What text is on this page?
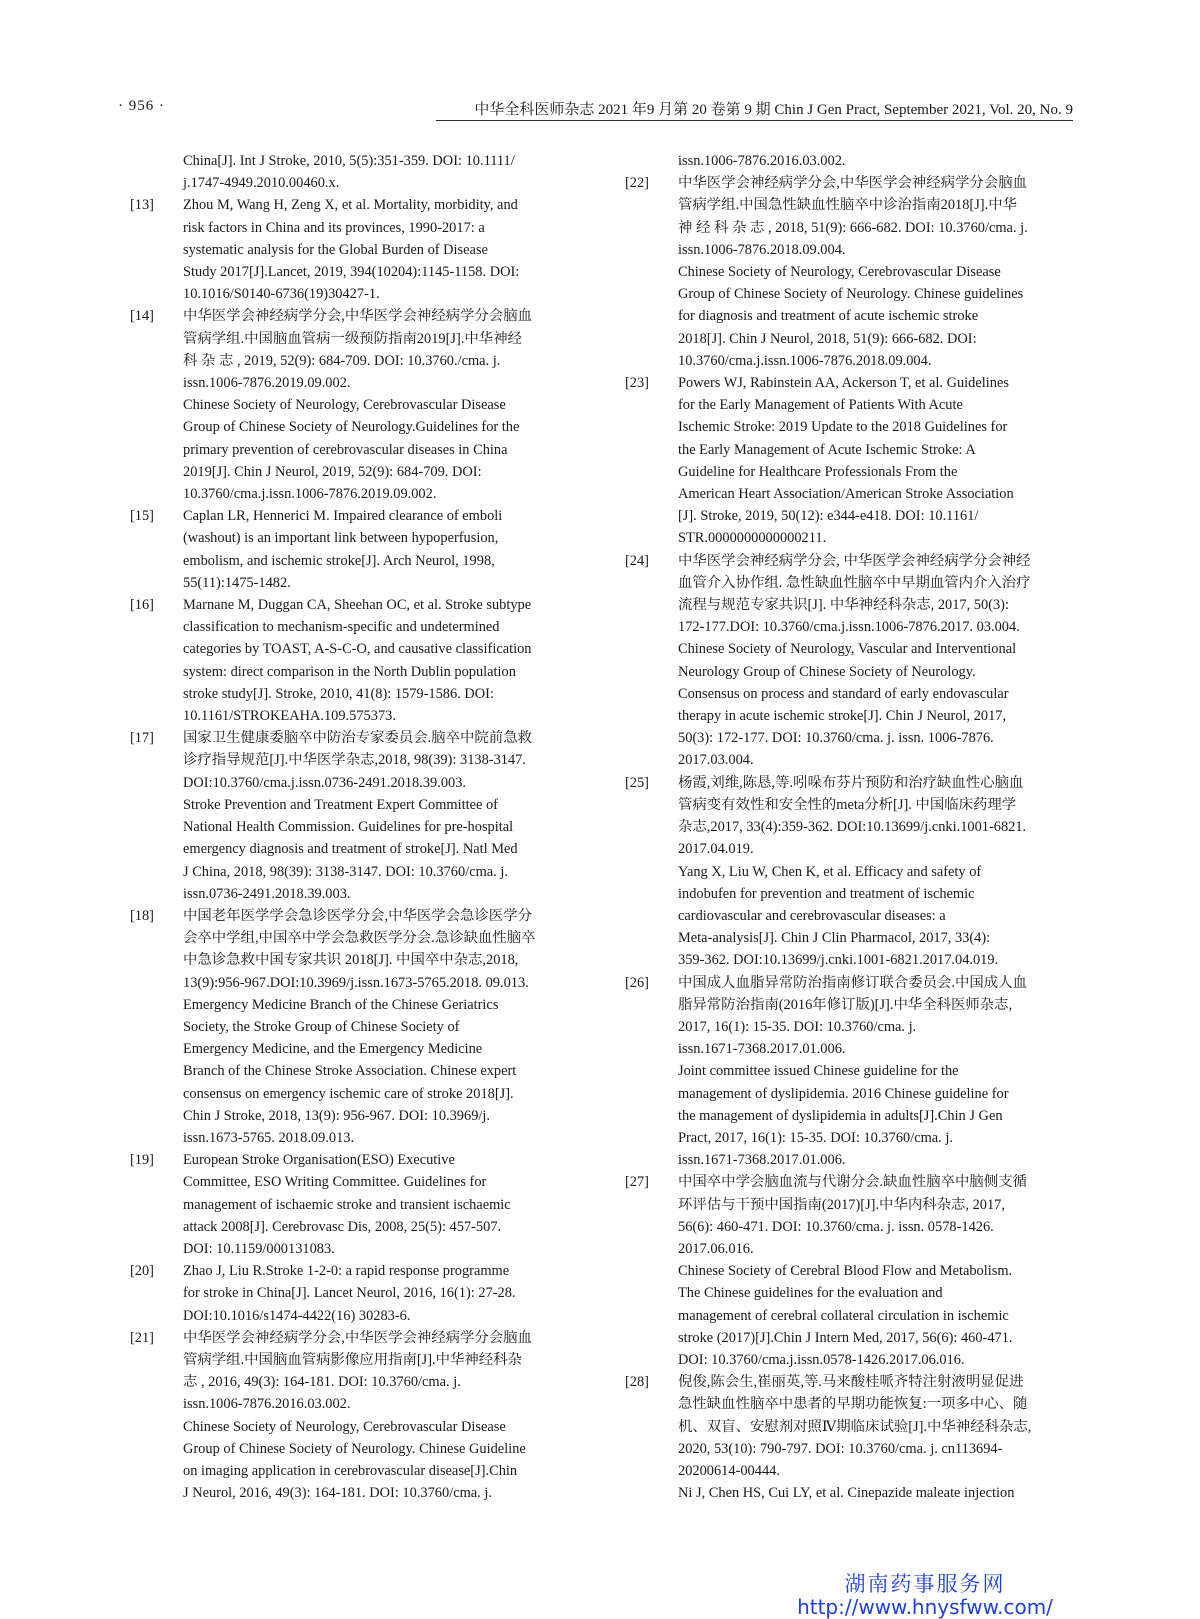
· 956 ·	中华全科医师杂志 2021 年9 月第 20 卷第 9 期 Chin J Gen Pract, September 2021, Vol. 20, No. 9
China[J]. Int J Stroke, 2010, 5(5):351-359. DOI: 10.1111/
j.1747-4949.2010.00460.x.
[13] Zhou M, Wang H, Zeng X, et al. Mortality, morbidity, and
risk factors in China and its provinces, 1990-2017: a
systematic analysis for the Global Burden of Disease
Study 2017[J].Lancet, 2019, 394(10204):1145-1158. DOI:
10.1016/S0140-6736(19)30427-1.
[14] 中华医学会神经病学分会,中华医学会神经病学分会脑血
管病学组.中国脑血管病一级预防指南2019[J].中华神经
科 杂 志 , 2019, 52(9): 684-709. DOI: 10.3760./cma. j.
issn.1006-7876.2019.09.002.
Chinese Society of Neurology, Cerebrovascular Disease
Group of Chinese Society of Neurology.Guidelines for the
primary prevention of cerebrovascular diseases in China
2019[J]. Chin J Neurol, 2019, 52(9): 684-709. DOI:
10.3760/cma.j.issn.1006-7876.2019.09.002.
[15] Caplan LR, Hennerici M. Impaired clearance of emboli
(washout) is an important link between hypoperfusion,
embolism, and ischemic stroke[J]. Arch Neurol, 1998,
55(11):1475-1482.
[16] Marnane M, Duggan CA, Sheehan OC, et al. Stroke subtype
classification to mechanism-specific and undetermined
categories by TOAST, A-S-C-O, and causative classification
system: direct comparison in the North Dublin population
stroke study[J]. Stroke, 2010, 41(8): 1579-1586. DOI:
10.1161/STROKEAHA.109.575373.
[17] 国家卫生健康委脑卒中防治专家委员会.脑卒中院前急救
诊疗指导规范[J].中华医学杂志,2018, 98(39): 3138-3147.
DOI:10.3760/cma.j.issn.0736-2491.2018.39.003.
Stroke Prevention and Treatment Expert Committee of
National Health Commission. Guidelines for pre-hospital
emergency diagnosis and treatment of stroke[J]. Natl Med
J China, 2018, 98(39): 3138-3147. DOI: 10.3760/cma. j.
issn.0736-2491.2018.39.003.
[18] 中国老年医学学会急诊医学分会,中华医学会急诊医学分
会卒中学组,中国卒中学会急救医学分会.急诊缺血性脑卒
中急诊急救中国专家共识 2018[J]. 中国卒中杂志,2018,
13(9):956-967.DOI:10.3969/j.issn.1673-5765.2018. 09.013.
Emergency Medicine Branch of the Chinese Geriatrics
Society, the Stroke Group of Chinese Society of
Emergency Medicine, and the Emergency Medicine
Branch of the Chinese Stroke Association. Chinese expert
consensus on emergency ischemic care of stroke 2018[J].
Chin J Stroke, 2018, 13(9): 956-967. DOI: 10.3969/j.
issn.1673-5765. 2018.09.013.
[19] European Stroke Organisation(ESO) Executive
Committee, ESO Writing Committee. Guidelines for
management of ischaemic stroke and transient ischaemic
attack 2008[J]. Cerebrovasc Dis, 2008, 25(5): 457-507.
DOI: 10.1159/000131083.
[20] Zhao J, Liu R.Stroke 1-2-0: a rapid response programme
for stroke in China[J]. Lancet Neurol, 2016, 16(1): 27-28.
DOI:10.1016/s1474-4422(16) 30283-6.
[21] 中华医学会神经病学分会,中华医学会神经病学分会脑血
管病学组.中国脑血管病影像应用指南[J].中华神经科杂
志 , 2016, 49(3): 164-181. DOI: 10.3760/cma. j.
issn.1006-7876.2016.03.002.
Chinese Society of Neurology, Cerebrovascular Disease
Group of Chinese Society of Neurology. Chinese Guideline
on imaging application in cerebrovascular disease[J].Chin
J Neurol, 2016, 49(3): 164-181. DOI: 10.3760/cma. j.
issn.1006-7876.2016.03.002.
[22] 中华医学会神经病学分会,中华医学会神经病学分会脑血
管病学组.中国急性缺血性脑卒中诊治指南2018[J].中华
神 经 科 杂 志 , 2018, 51(9): 666-682. DOI: 10.3760/cma. j.
issn.1006-7876.2018.09.004.
Chinese Society of Neurology, Cerebrovascular Disease
Group of Chinese Society of Neurology. Chinese guidelines
for diagnosis and treatment of acute ischemic stroke
2018[J]. Chin J Neurol, 2018, 51(9): 666-682. DOI:
10.3760/cma.j.issn.1006-7876.2018.09.004.
[23] Powers WJ, Rabinstein AA, Ackerson T, et al. Guidelines
for the Early Management of Patients With Acute
Ischemic Stroke: 2019 Update to the 2018 Guidelines for
the Early Management of Acute Ischemic Stroke: A
Guideline for Healthcare Professionals From the
American Heart Association/American Stroke Association
[J]. Stroke, 2019, 50(12): e344-e418. DOI: 10.1161/
STR.0000000000000211.
[24] 中华医学会神经病学分会, 中华医学会神经病学分会神经
血管介入协作组. 急性缺血性脑卒中早期血管内介入治疗
流程与规范专家共识[J]. 中华神经科杂志, 2017, 50(3):
172-177.DOI: 10.3760/cma.j.issn.1006-7876.2017. 03.004.
Chinese Society of Neurology, Vascular and Interventional
Neurology Group of Chinese Society of Neurology.
Consensus on process and standard of early endovascular
therapy in acute ischemic stroke[J]. Chin J Neurol, 2017,
50(3): 172-177. DOI: 10.3760/cma. j. issn. 1006-7876.
2017.03.004.
[25] 杨霞,刘维,陈恳,等.吲哚布芬片预防和治疗缺血性心脑血
管病变有效性和安全性的meta分析[J]. 中国临床药理学
杂志,2017, 33(4):359-362. DOI:10.13699/j.cnki.1001-6821.
2017.04.019.
Yang X, Liu W, Chen K, et al. Efficacy and safety of
indobufen for prevention and treatment of ischemic
cardiovascular and cerebrovascular diseases: a
Meta-analysis[J]. Chin J Clin Pharmacol, 2017, 33(4):
359-362. DOI:10.13699/j.cnki.1001-6821.2017.04.019.
[26] 中国成人血脂异常防治指南修订联合委员会.中国成人血
脂异常防治指南(2016年修订版)[J].中华全科医师杂志,
2017, 16(1): 15-35. DOI: 10.3760/cma. j.
issn.1671-7368.2017.01.006.
Joint committee issued Chinese guideline for the
management of dyslipidemia. 2016 Chinese guideline for
the management of dyslipidemia in adults[J].Chin J Gen
Pract, 2017, 16(1): 15-35. DOI: 10.3760/cma. j.
issn.1671-7368.2017.01.006.
[27] 中国卒中学会脑血流与代谢分会.缺血性脑卒中脑侧支循
环评估与干预中国指南(2017)[J].中华内科杂志, 2017,
56(6): 460-471. DOI: 10.3760/cma. j. issn. 0578-1426.
2017.06.016.
Chinese Society of Cerebral Blood Flow and Metabolism.
The Chinese guidelines for the evaluation and
management of cerebral collateral circulation in ischemic
stroke (2017)[J].Chin J Intern Med, 2017, 56(6): 460-471.
DOI: 10.3760/cma.j.issn.0578-1426.2017.06.016.
[28] 倪俊,陈会生,崔丽英,等.马来酸桂哌齐特注射液明显促进
急性缺血性脑卒中患者的早期功能恢复:一项多中心、随
机、双盲、安慰剂对照Ⅳ期临床试验[J].中华神经科杂志,
2020, 53(10): 790-797. DOI: 10.3760/cma. j. cn113694-
20200614-00444.
Ni J, Chen HS, Cui LY, et al. Cinepazide maleate injection
湖南药事服务网
http://www.hnysfww.com/
